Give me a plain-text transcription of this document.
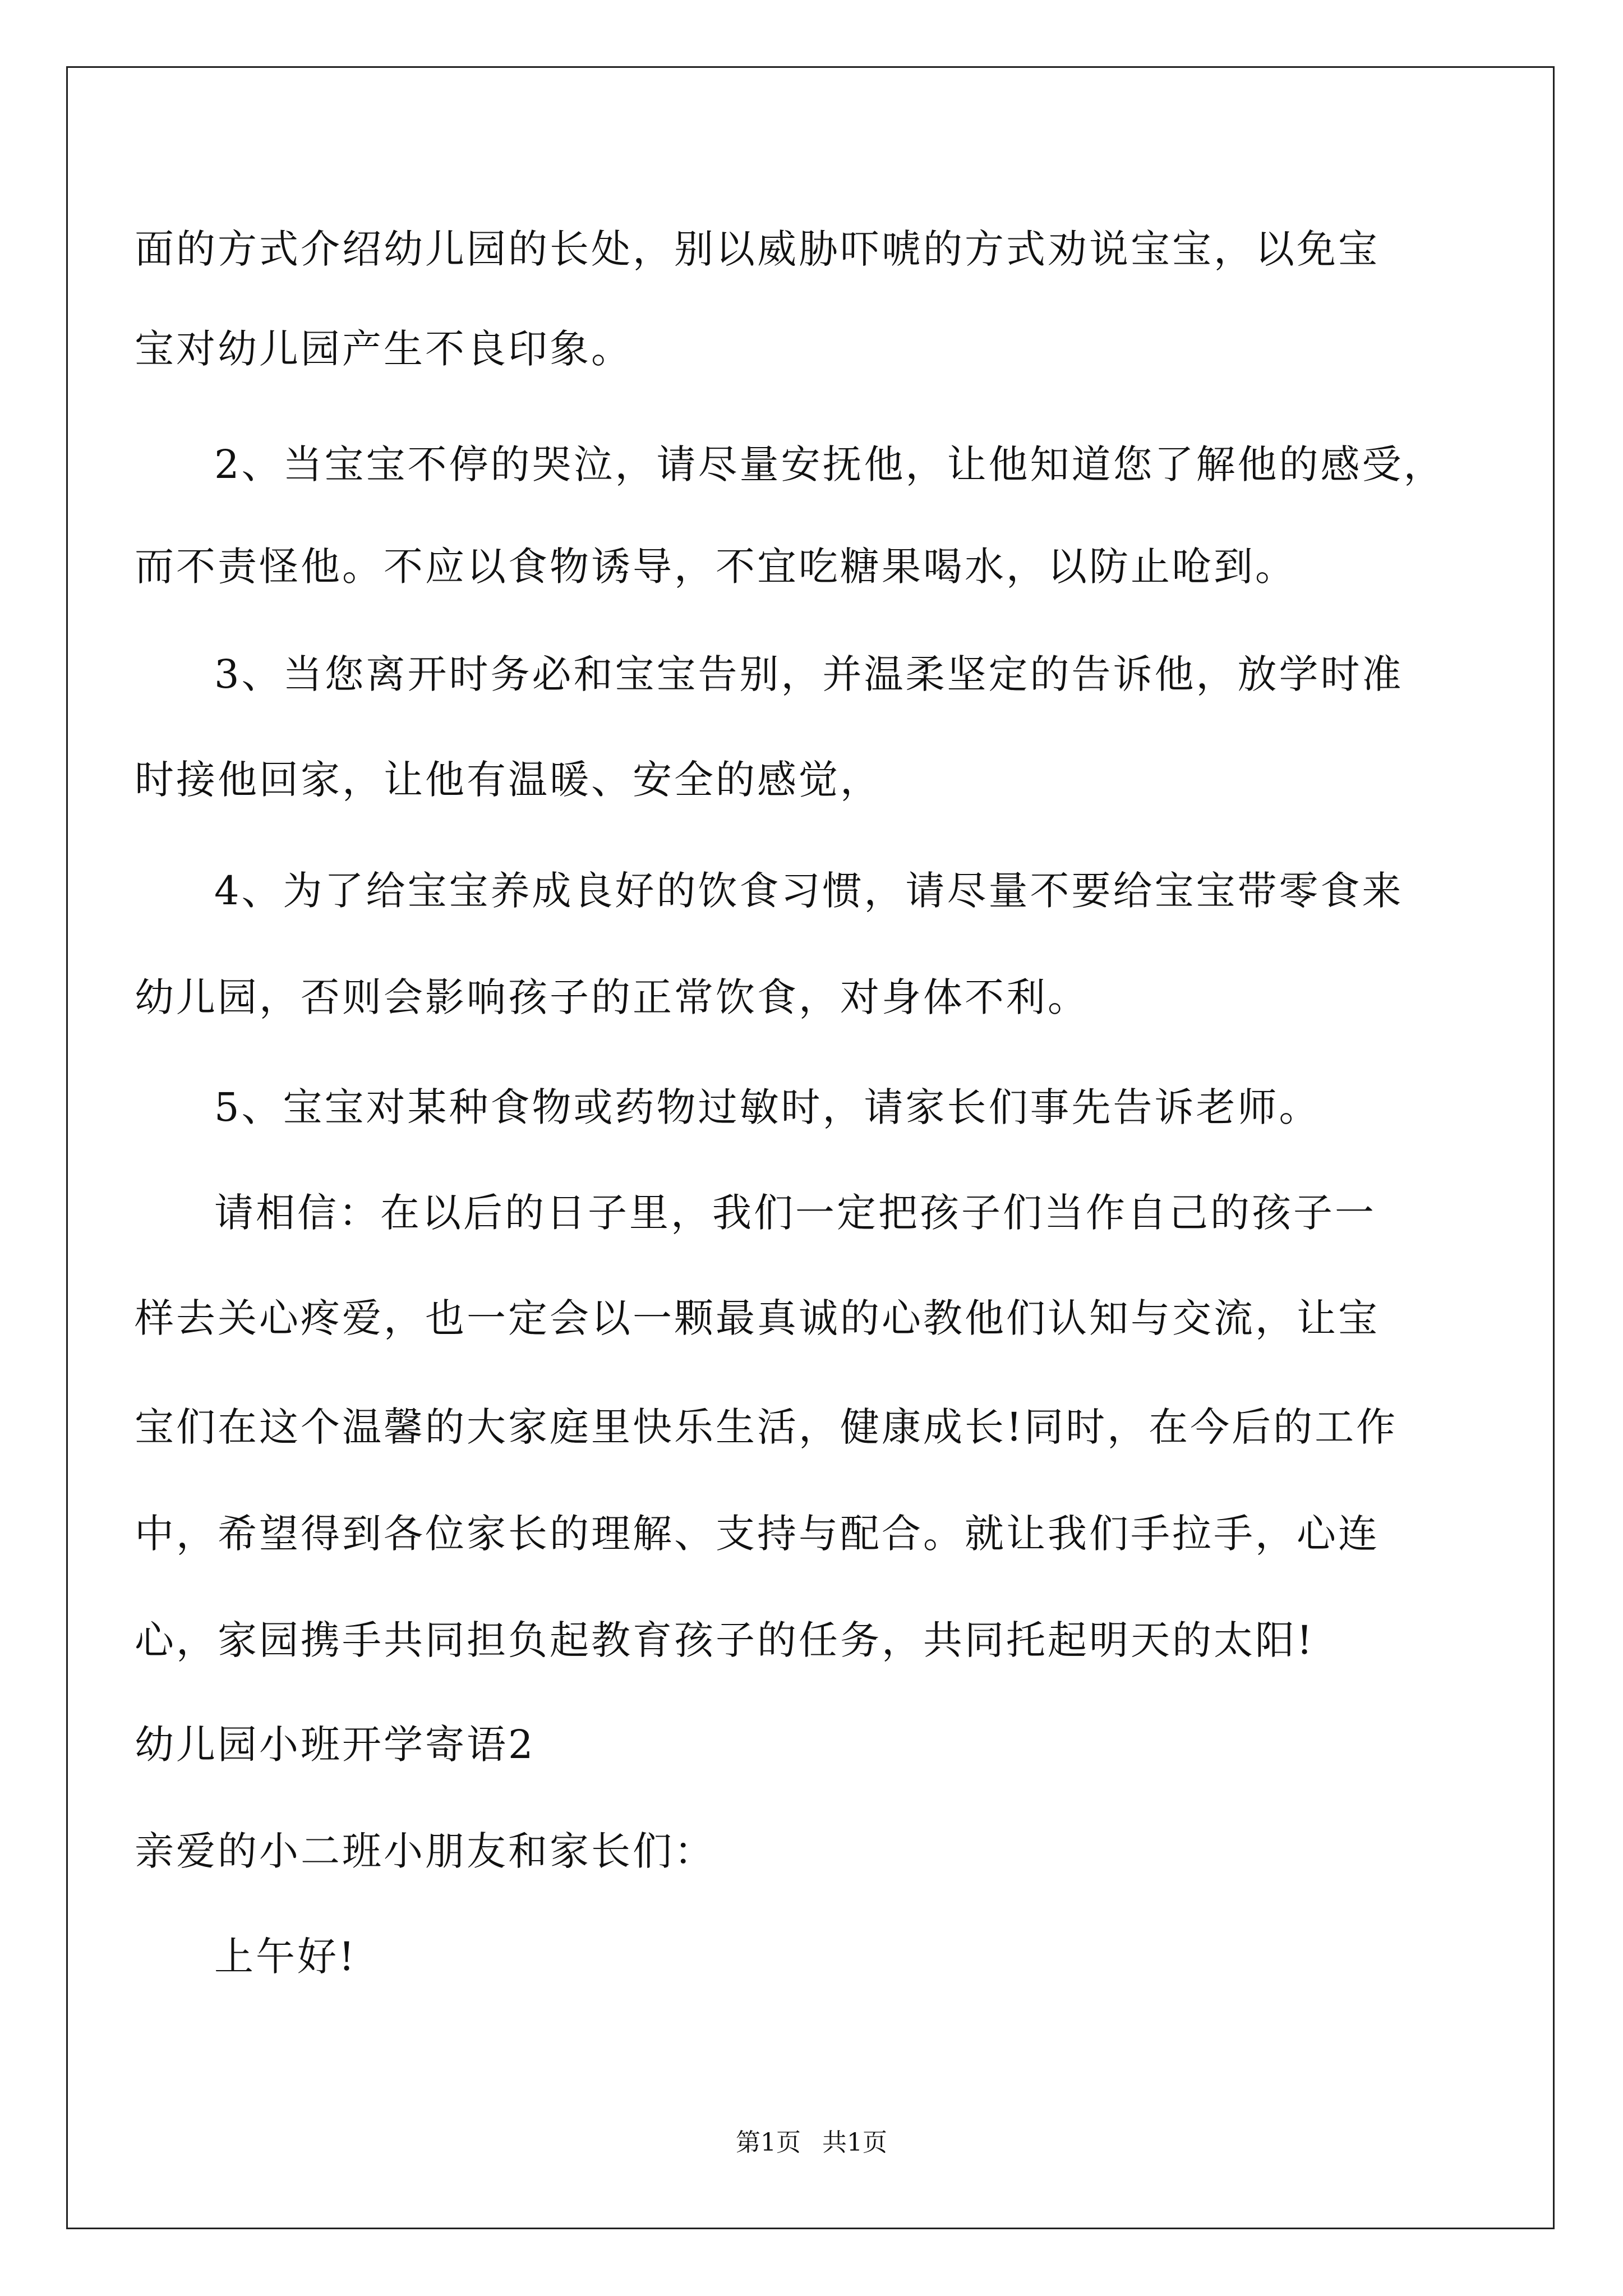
面的方式介绍幼儿园的长处，别以威胁吓唬的方式劝说宝宝，以免宝
宝对幼儿园产生不良印象。
2、当宝宝不停的哭泣，请尽量安抚他，让他知道您了解他的感受，
而不责怪他。不应以食物诱导，不宜吃糖果喝水，以防止呛到。
3、当您离开时务必和宝宝告别，并温柔坚定的告诉他，放学时准
时接他回家，让他有温暖、安全的感觉，
4、为了给宝宝养成良好的饮食习惯，请尽量不要给宝宝带零食来
幼儿园，否则会影响孩子的正常饮食，对身体不利。
5、宝宝对某种食物或药物过敏时，请家长们事先告诉老师。
请相信：在以后的日子里，我们一定把孩子们当作自己的孩子一
样去关心疼爱，也一定会以一颗最真诚的心教他们认知与交流，让宝
宝们在这个温馨的大家庭里快乐生活，健康成长!同时，在今后的工作
中，希望得到各位家长的理解、支持与配合。就让我们手拉手，心连
心，家园携手共同担负起教育孩子的任务，共同托起明天的太阳!
幼儿园小班开学寄语2
亲爱的小二班小朋友和家长们：
上午好!
第1页 共1页
